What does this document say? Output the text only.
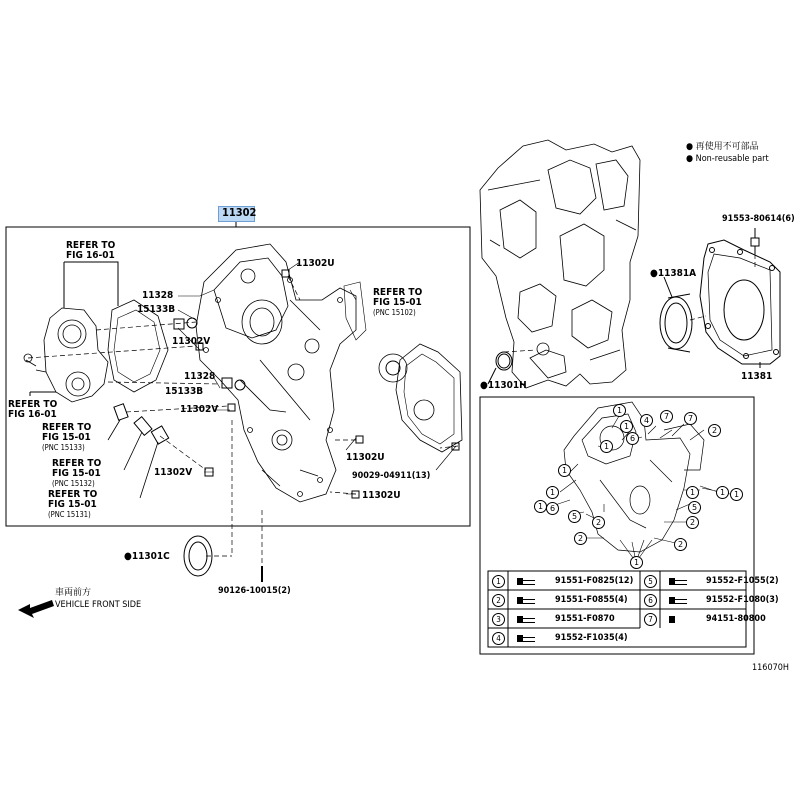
11302
● 再使用不可部品
● Non-reusable part
91553-80614(6)
●11381A
11381
●11301H
REFER TO
FIG 16-01
REFER TO
FIG 16-01
REFER TO
FIG 15-01
(PNC 15102)
REFER TO
FIG 15-01
(PNC 15133)
REFER TO
FIG 15-01
(PNC 15132)
REFER TO
FIG 15-01
(PNC 15131)
11302U
11328
15133B
11302V
11328
15133B
11302V
11302V
11302U
90029-04911(13)
11302U
●11301C
90126-10015(2)
車両前方
VEHICLE FRONT SIDE
1
1
4	7	7
2
6
1
1
1
1 6
5
2
1	1	1
5
2
2
2
1
1	91551-F0825(12)
2	91551-F0855(4)
3	91551-F0870
4	91552-F1035(4)
5	91552-F1055(2)
6	91552-F1080(3)
7	94151-80800
116070H
